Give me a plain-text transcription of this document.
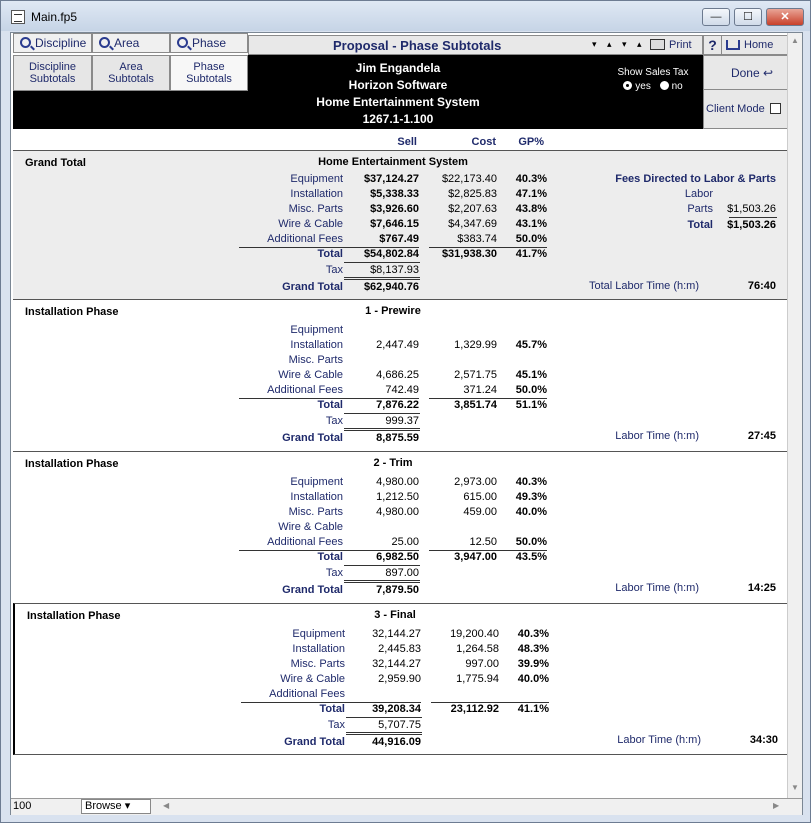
Main.fp5	—	☐	✕
Discipline	Area	Phase
Discipline
Subtotals
Area
Subtotals
Phase
Subtotals
Proposal - Phase Subtotals	▾ ▴ ▾ ▴	Print	?	Home
Jim Engandela
Horizon Software
Home Entertainment System
1267.1-1.100
Show Sales Tax
yes no
Done ↩
Client Mode
Sell	Cost	GP%
Grand Total	Home Entertainment System
Fees Directed to Labor & Parts
Labor
Parts	$1,503.26
Total	$1,503.26
Total Labor Time (h:m)	76:40
Equipment	$37,124.27	$22,173.40	40.3%
Installation	$5,338.33	$2,825.83	47.1%
Misc. Parts	$3,926.60	$2,207.63	43.8%
Wire & Cable	$7,646.15	$4,347.69	43.1%
Additional Fees	$767.49	$383.74	50.0%
Total	$54,802.84	$31,938.30	41.7%
Tax	$8,137.93
Grand Total	$62,940.76
Installation Phase	1 - Prewire
Equipment
Installation	2,447.49	1,329.99	45.7%
Misc. Parts
Wire & Cable	4,686.25	2,571.75	45.1%
Additional Fees	742.49	371.24	50.0%
Total	7,876.22	3,851.74	51.1%
Tax	999.37
Grand Total	8,875.59	Labor Time (h:m)	27:45
Installation Phase	2 - Trim
Equipment	4,980.00	2,973.00	40.3%
Installation	1,212.50	615.00	49.3%
Misc. Parts	4,980.00	459.00	40.0%
Wire & Cable
Additional Fees	25.00	12.50	50.0%
Total	6,982.50	3,947.00	43.5%
Tax	897.00
Grand Total	7,879.50	Labor Time (h:m)	14:25
Installation Phase	3 - Final
Equipment	32,144.27	19,200.40	40.3%
Installation	2,445.83	1,264.58	48.3%
Misc. Parts	32,144.27	997.00	39.9%
Wire & Cable	2,959.90	1,775.94	40.0%
Additional Fees
Total	39,208.34	23,112.92	41.1%
Tax	5,707.75
Grand Total	44,916.09	Labor Time (h:m)	34:30
▲
▼
100	Browse ▾	◀	▶
